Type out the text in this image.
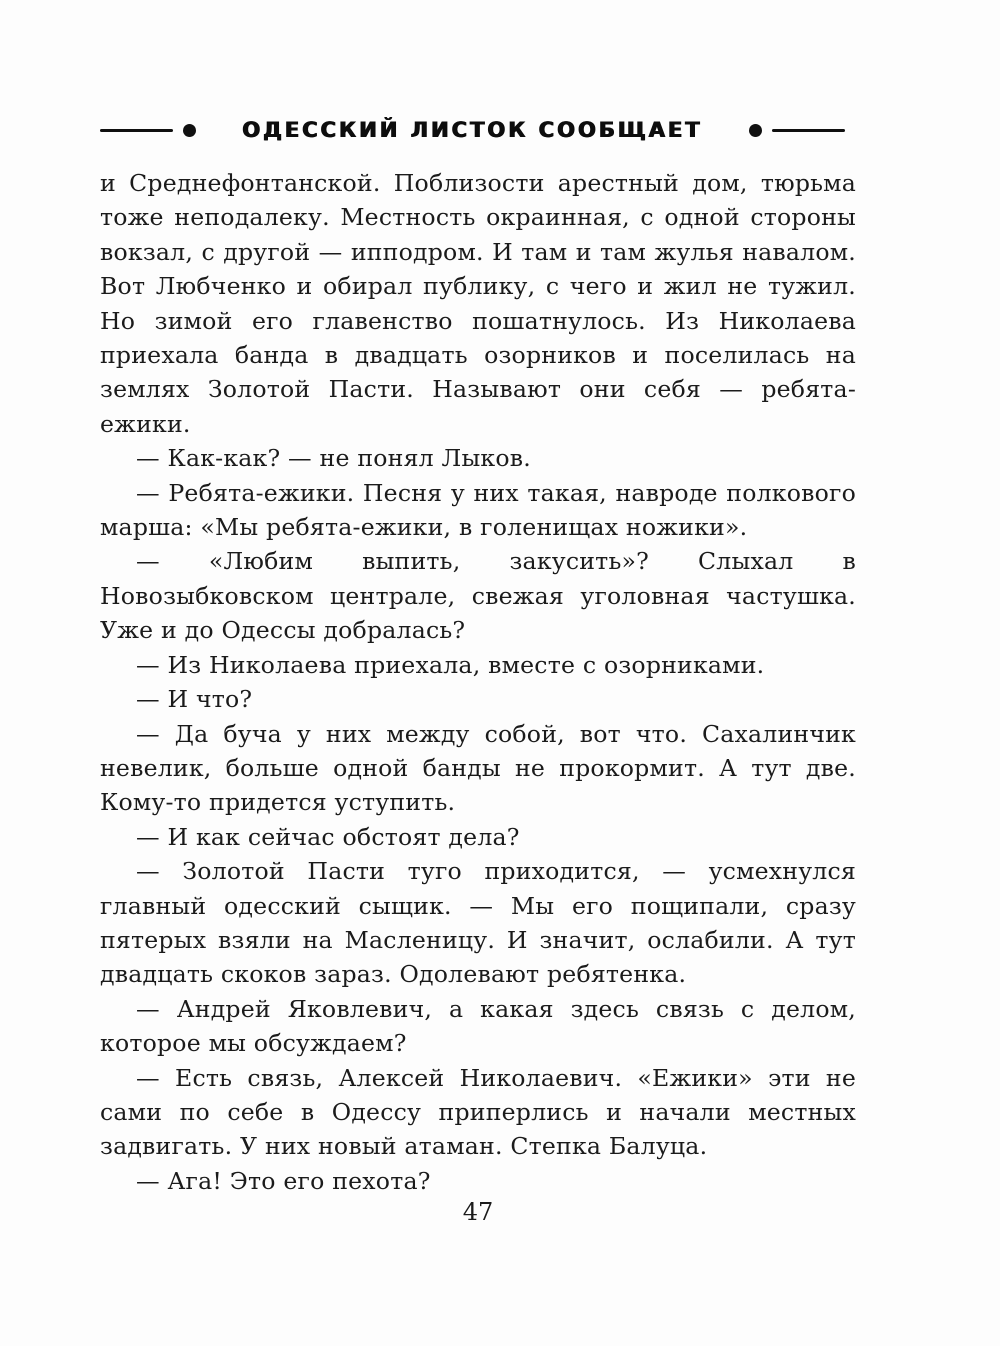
ОДЕССКИЙ ЛИСТОК СООБЩАЕТ

и Среднефонтанской. Поблизости арестный дом, тюрьма тоже неподалеку. Местность окраинная, с одной стороны вокзал, с другой — ипподром. И там и там жулья навалом. Вот Любченко и обирал публику, с чего и жил не тужил. Но зимой его главенство пошатнулось. Из Николаева приехала банда в двадцать озорников и поселилась на землях Золотой Пасти. Называют они себя — ребята-ежики.

— Как-как? — не понял Лыков.

— Ребята-ежики. Песня у них такая, навроде полкового марша: «Мы ребята-ежики, в голенищах ножики».

— «Любим выпить, закусить»? Слыхал в Новозыбковском централе, свежая уголовная частушка. Уже и до Одессы добралась?

— Из Николаева приехала, вместе с озорниками.

— И что?

— Да буча у них между собой, вот что. Сахалинчик невелик, больше одной банды не прокормит. А тут две. Кому-то придется уступить.

— И как сейчас обстоят дела?

— Золотой Пасти туго приходится, — усмехнулся главный одесский сыщик. — Мы его пощипали, сразу пятерых взяли на Масленицу. И значит, ослабили. А тут двадцать скоков зараз. Одолевают ребятенка.

— Андрей Яковлевич, а какая здесь связь с делом, которое мы обсуждаем?

— Есть связь, Алексей Николаевич. «Ежики» эти не сами по себе в Одессу приперлись и начали местных задвигать. У них новый атаман. Степка Балуца.

— Ага! Это его пехота?

47
